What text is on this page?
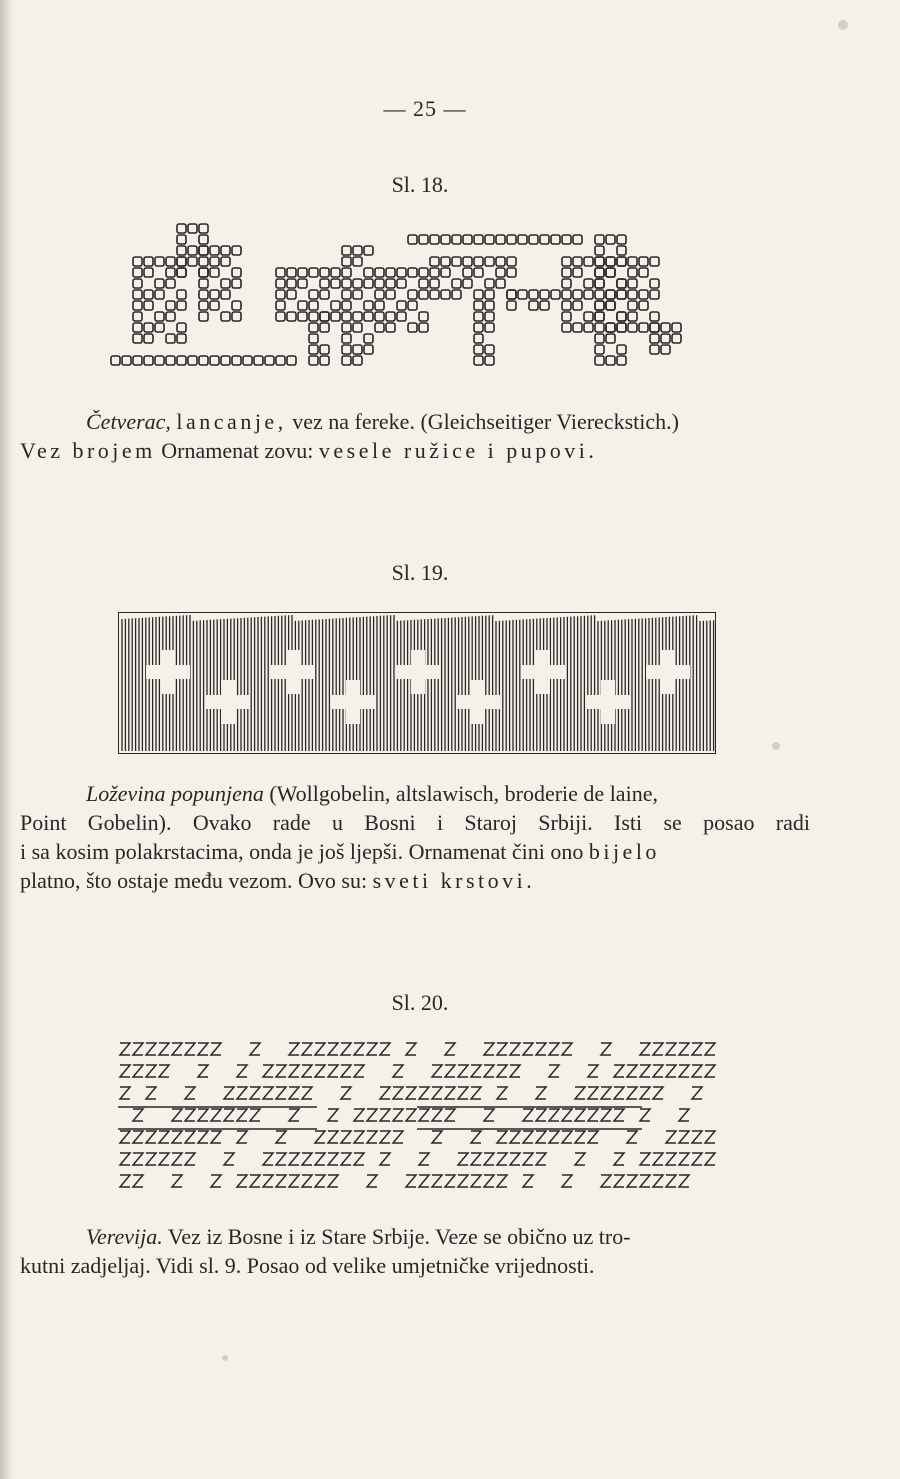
— 25 —
Sl. 18.
Četverac, lancanje, vez na fereke. (Gleichseitiger Viereckstich.)
Vez brojem Ornamenat zovu: vesele ružice i pupovi.
Sl. 19.
Loževina popunjena (Wollgobelin, altslawisch, broderie de laine,
Point Gobelin). Ovako rade u Bosni i Staroj Srbiji. Isti se posao radi
i sa kosim polakrstacima, onda je još ljepši. Ornamenat čini ono bijelo
platno, što ostaje među vezom. Ovo su: sveti krstovi.
Sl. 20.
Verevija. Vez iz Bosne i iz Stare Srbije. Veze se obično uz tro-
kutni zadjeljaj. Vidi sl. 9. Posao od velike umjetničke vrijednosti.
